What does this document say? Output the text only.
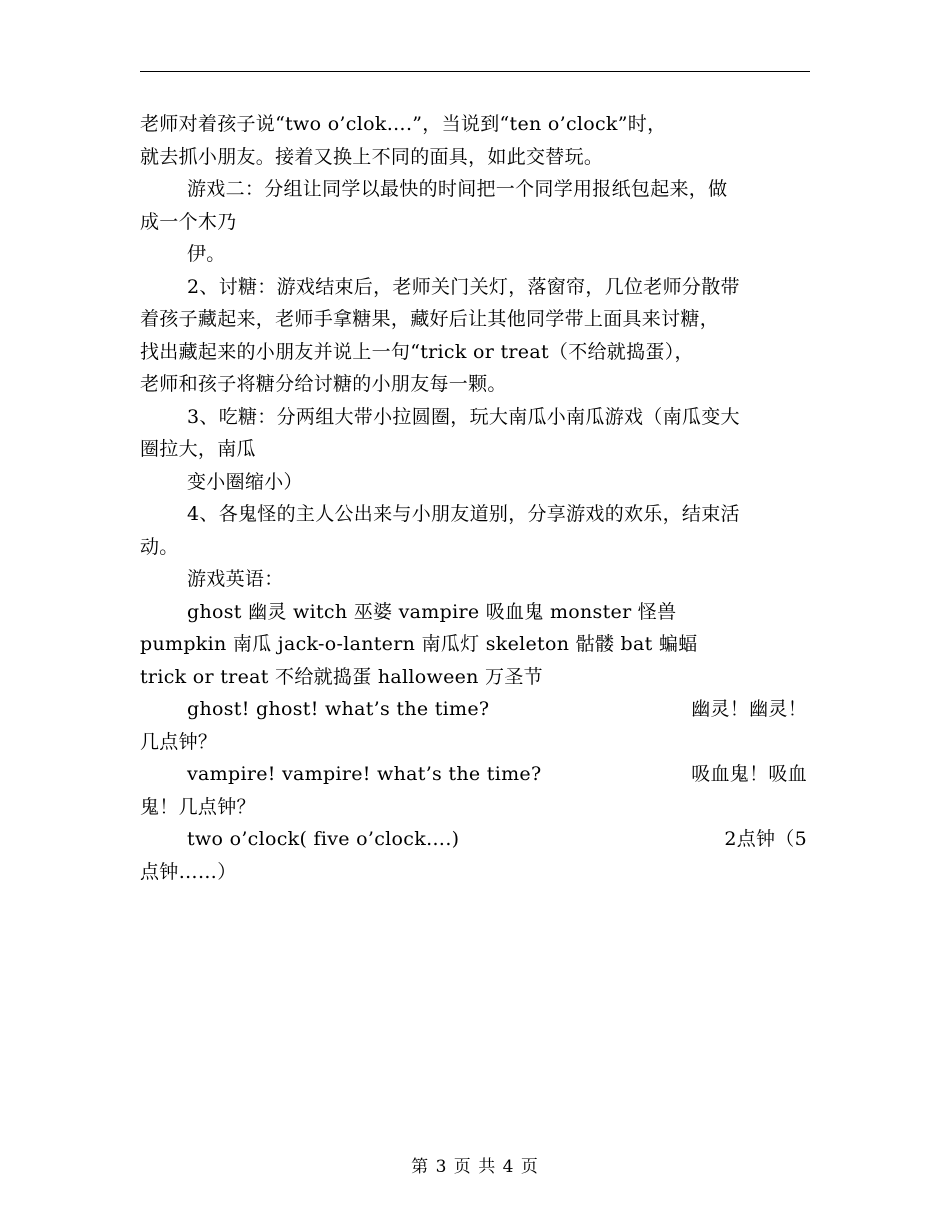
老师对着孩子说“two o’clok….”，当说到“ten o’clock”时，
就去抓小朋友。接着又换上不同的面具，如此交替玩。
游戏二：分组让同学以最快的时间把一个同学用报纸包起来，做
成一个木乃
伊。
2、讨糖：游戏结束后，老师关门关灯，落窗帘，几位老师分散带
着孩子藏起来，老师手拿糖果，藏好后让其他同学带上面具来讨糖，
找出藏起来的小朋友并说上一句“trick or treat（不给就捣蛋），
老师和孩子将糖分给讨糖的小朋友每一颗。
3、吃糖：分两组大带小拉圆圈，玩大南瓜小南瓜游戏（南瓜变大
圈拉大，南瓜
变小圈缩小）
4、各鬼怪的主人公出来与小朋友道别，分享游戏的欢乐，结束活
动。
游戏英语：
ghost 幽灵 witch 巫婆 vampire 吸血鬼 monster 怪兽
pumpkin 南瓜 jack-o-lantern 南瓜灯 skeleton 骷髅 bat 蝙蝠
trick or treat 不给就捣蛋 halloween 万圣节
ghost! ghost! what’s the time?	幽灵！幽灵！
几点钟？
vampire! vampire! what’s the time?	吸血鬼！吸血
鬼！几点钟？
two o’clock( five o’clock….)	2点钟（5
点钟……）
第 3 页 共 4 页
